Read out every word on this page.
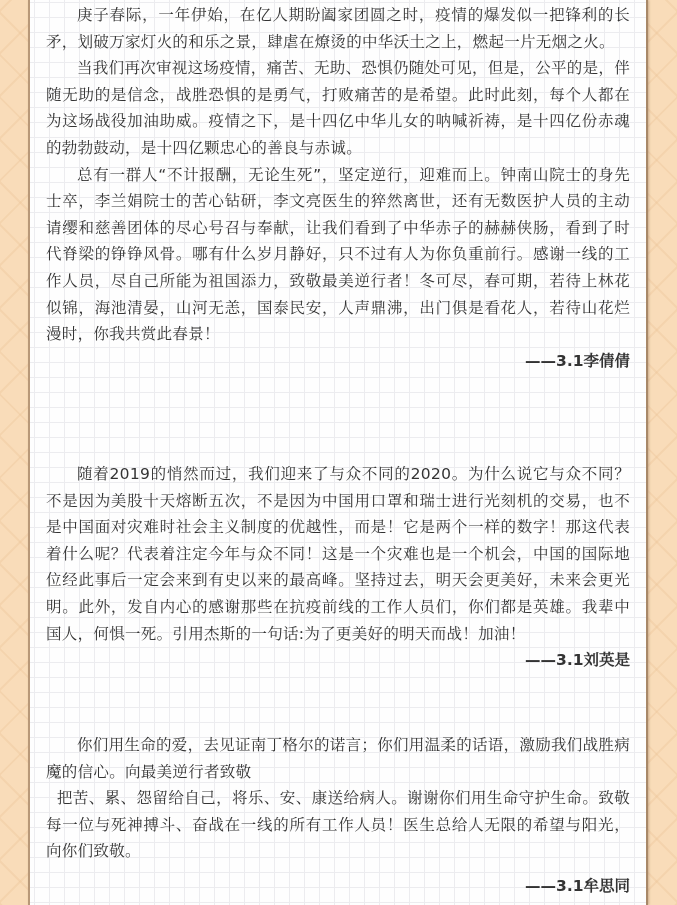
庚子春际，一年伊始，在亿人期盼阖家团圆之时，疫情的爆发似一把锋利的长矛，划破万家灯火的和乐之景，肆虐在燎烫的中华沃土之上，燃起一片无烟之火。

当我们再次审视这场疫情，痛苦、无助、恐惧仍随处可见，但是，公平的是，伴随无助的是信念，战胜恐惧的是勇气，打败痛苦的是希望。此时此刻，每个人都在为这场战役加油助威。疫情之下，是十四亿中华儿女的呐喊祈祷，是十四亿份赤魂的勃勃鼓动，是十四亿颗忠心的善良与赤诚。

总有一群人“不计报酬，无论生死”，坚定逆行，迎难而上。钟南山院士的身先士卒，李兰娟院士的苦心钻研，李文亮医生的猝然离世，还有无数医护人员的主动请缨和慈善团体的尽心号召与奉献，让我们看到了中华赤子的赫赫侠肠，看到了时代脊梁的铮铮风骨。哪有什么岁月静好，只不过有人为你负重前行。感谢一线的工作人员，尽自己所能为祖国添力，致敬最美逆行者！冬可尽，春可期，若待上林花似锦，海池清晏，山河无恙，国泰民安，人声鼎沸，出门俱是看花人，若待山花烂漫时，你我共赏此春景！

——3.1李倩倩

随着2019的悄然而过，我们迎来了与众不同的2020。为什么说它与众不同？不是因为美股十天熔断五次，不是因为中国用口罩和瑞士进行光刻机的交易，也不是中国面对灾难时社会主义制度的优越性，而是！它是两个一样的数字！那这代表着什么呢？代表着注定今年与众不同！这是一个灾难也是一个机会，中国的国际地位经此事后一定会来到有史以来的最高峰。坚持过去，明天会更美好，未来会更光明。此外，发自内心的感谢那些在抗疫前线的工作人员们，你们都是英雄。我辈中国人，何惧一死。引用杰斯的一句话:为了更美好的明天而战！加油！

——3.1刘英是

你们用生命的爱，去见证南丁格尔的诺言；你们用温柔的话语，激励我们战胜病魔的信心。向最美逆行者致敬

把苦、累、怨留给自己，将乐、安、康送给病人。谢谢你们用生命守护生命。致敬每一位与死神搏斗、奋战在一线的所有工作人员！医生总给人无限的希望与阳光，向你们致敬。

——3.1牟思同
